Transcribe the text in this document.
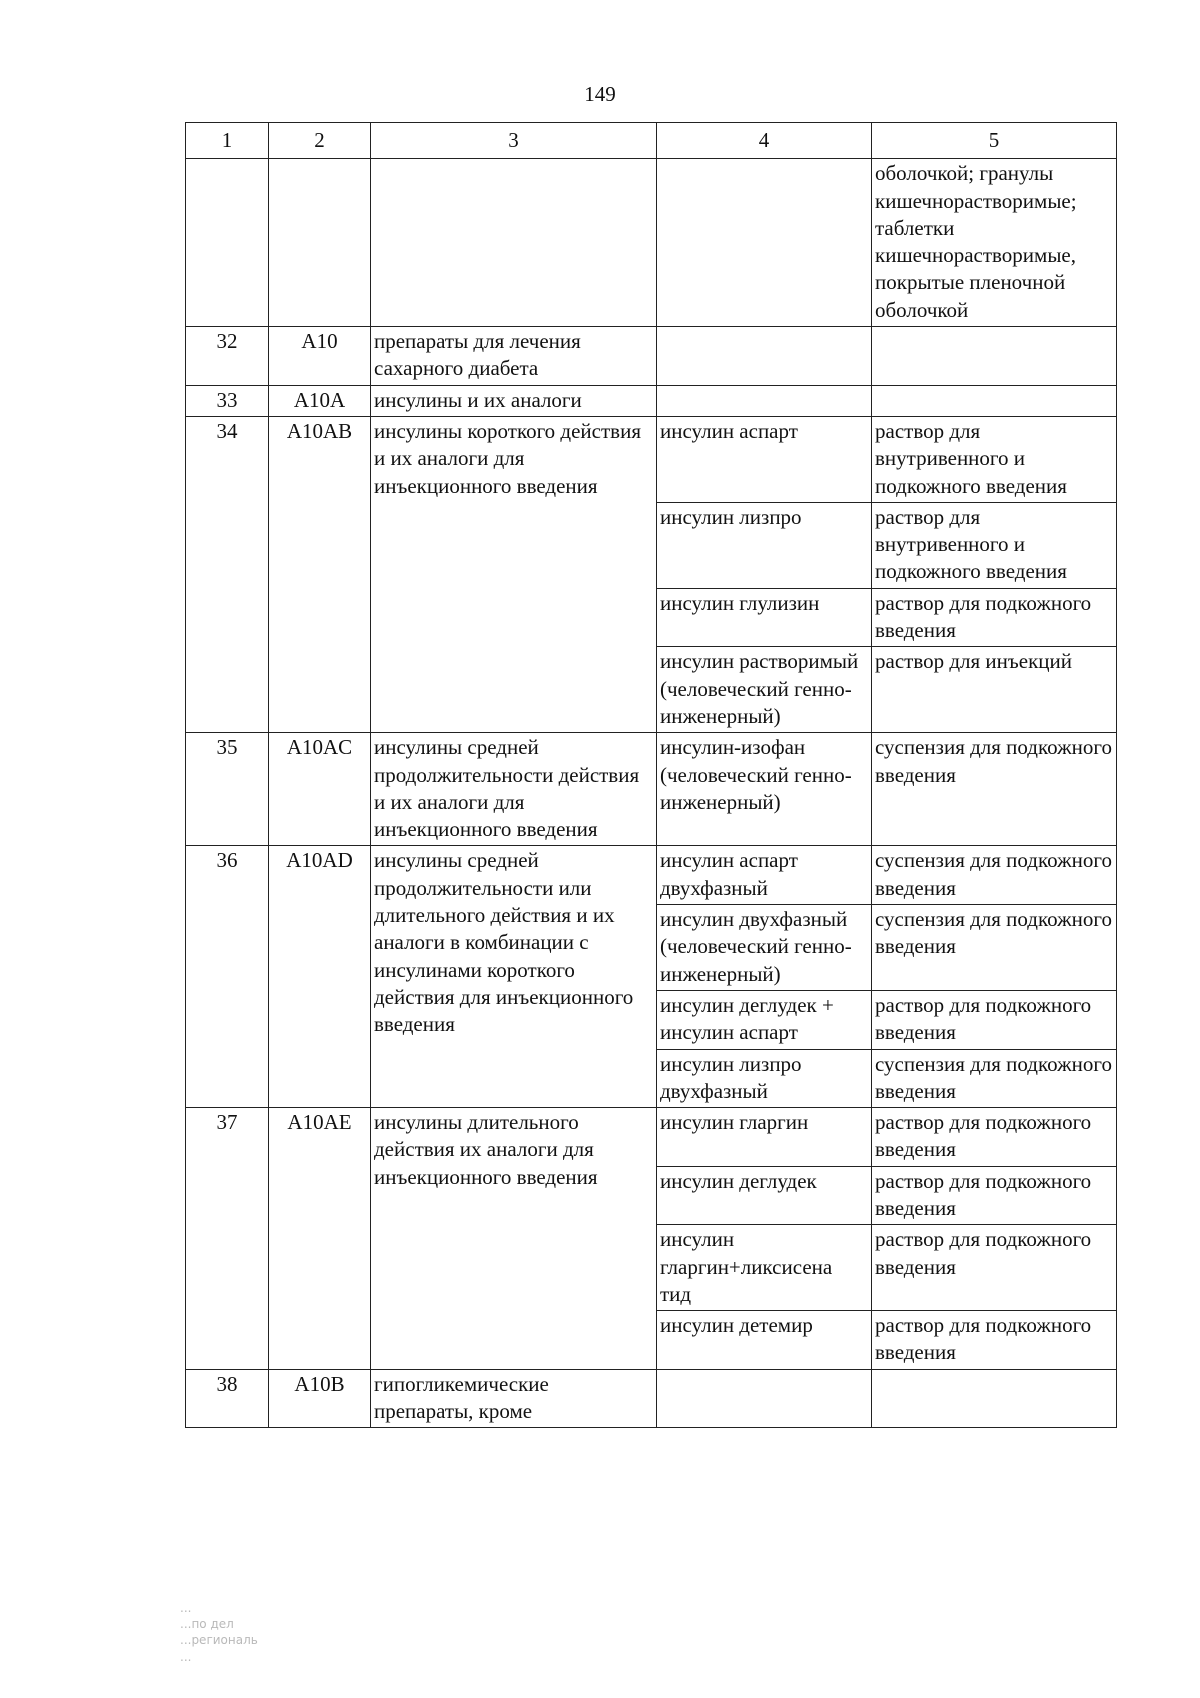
149
1	2	3	4	5
				оболочкой; гранулы кишечнорастворимые; таблетки кишечнорастворимые, покрытые пленочной оболочкой
32	A10	препараты для лечения сахарного диабета		
33	A10A	инсулины и их аналоги		
34	A10AB	инсулины короткого действия и их аналоги для инъекционного введения	инсулин аспарт	раствор для внутривенного и подкожного введения
			инсулин лизпро	раствор для внутривенного и подкожного введения
			инсулин глулизин	раствор для подкожного введения
			инсулин растворимый (человеческий генно-инженерный)	раствор для инъекций
35	A10AC	инсулины средней продолжительности действия и их аналоги для инъекционного введения	инсулин-изофан (человеческий генно-инженерный)	суспензия для подкожного введения
36	A10AD	инсулины средней продолжительности или длительного действия и их аналоги в комбинации с инсулинами короткого действия для инъекционного введения	инсулин аспарт двухфазный	суспензия для подкожного введения
			инсулин двухфазный (человеческий генно-инженерный)	суспензия для подкожного введения
			инсулин деглудек + инсулин аспарт	раствор для подкожного введения
			инсулин лизпро двухфазный	суспензия для подкожного введения
37	A10AE	инсулины длительного действия их аналоги для инъекционного введения	инсулин гларгин	раствор для подкожного введения
			инсулин деглудек	раствор для подкожного введения
			инсулин гларгин+ликсисена тид	раствор для подкожного введения
			инсулин детемир	раствор для подкожного введения
38	A10B	гипогликемические препараты, кроме		
...
...по дел
...региональ
...
